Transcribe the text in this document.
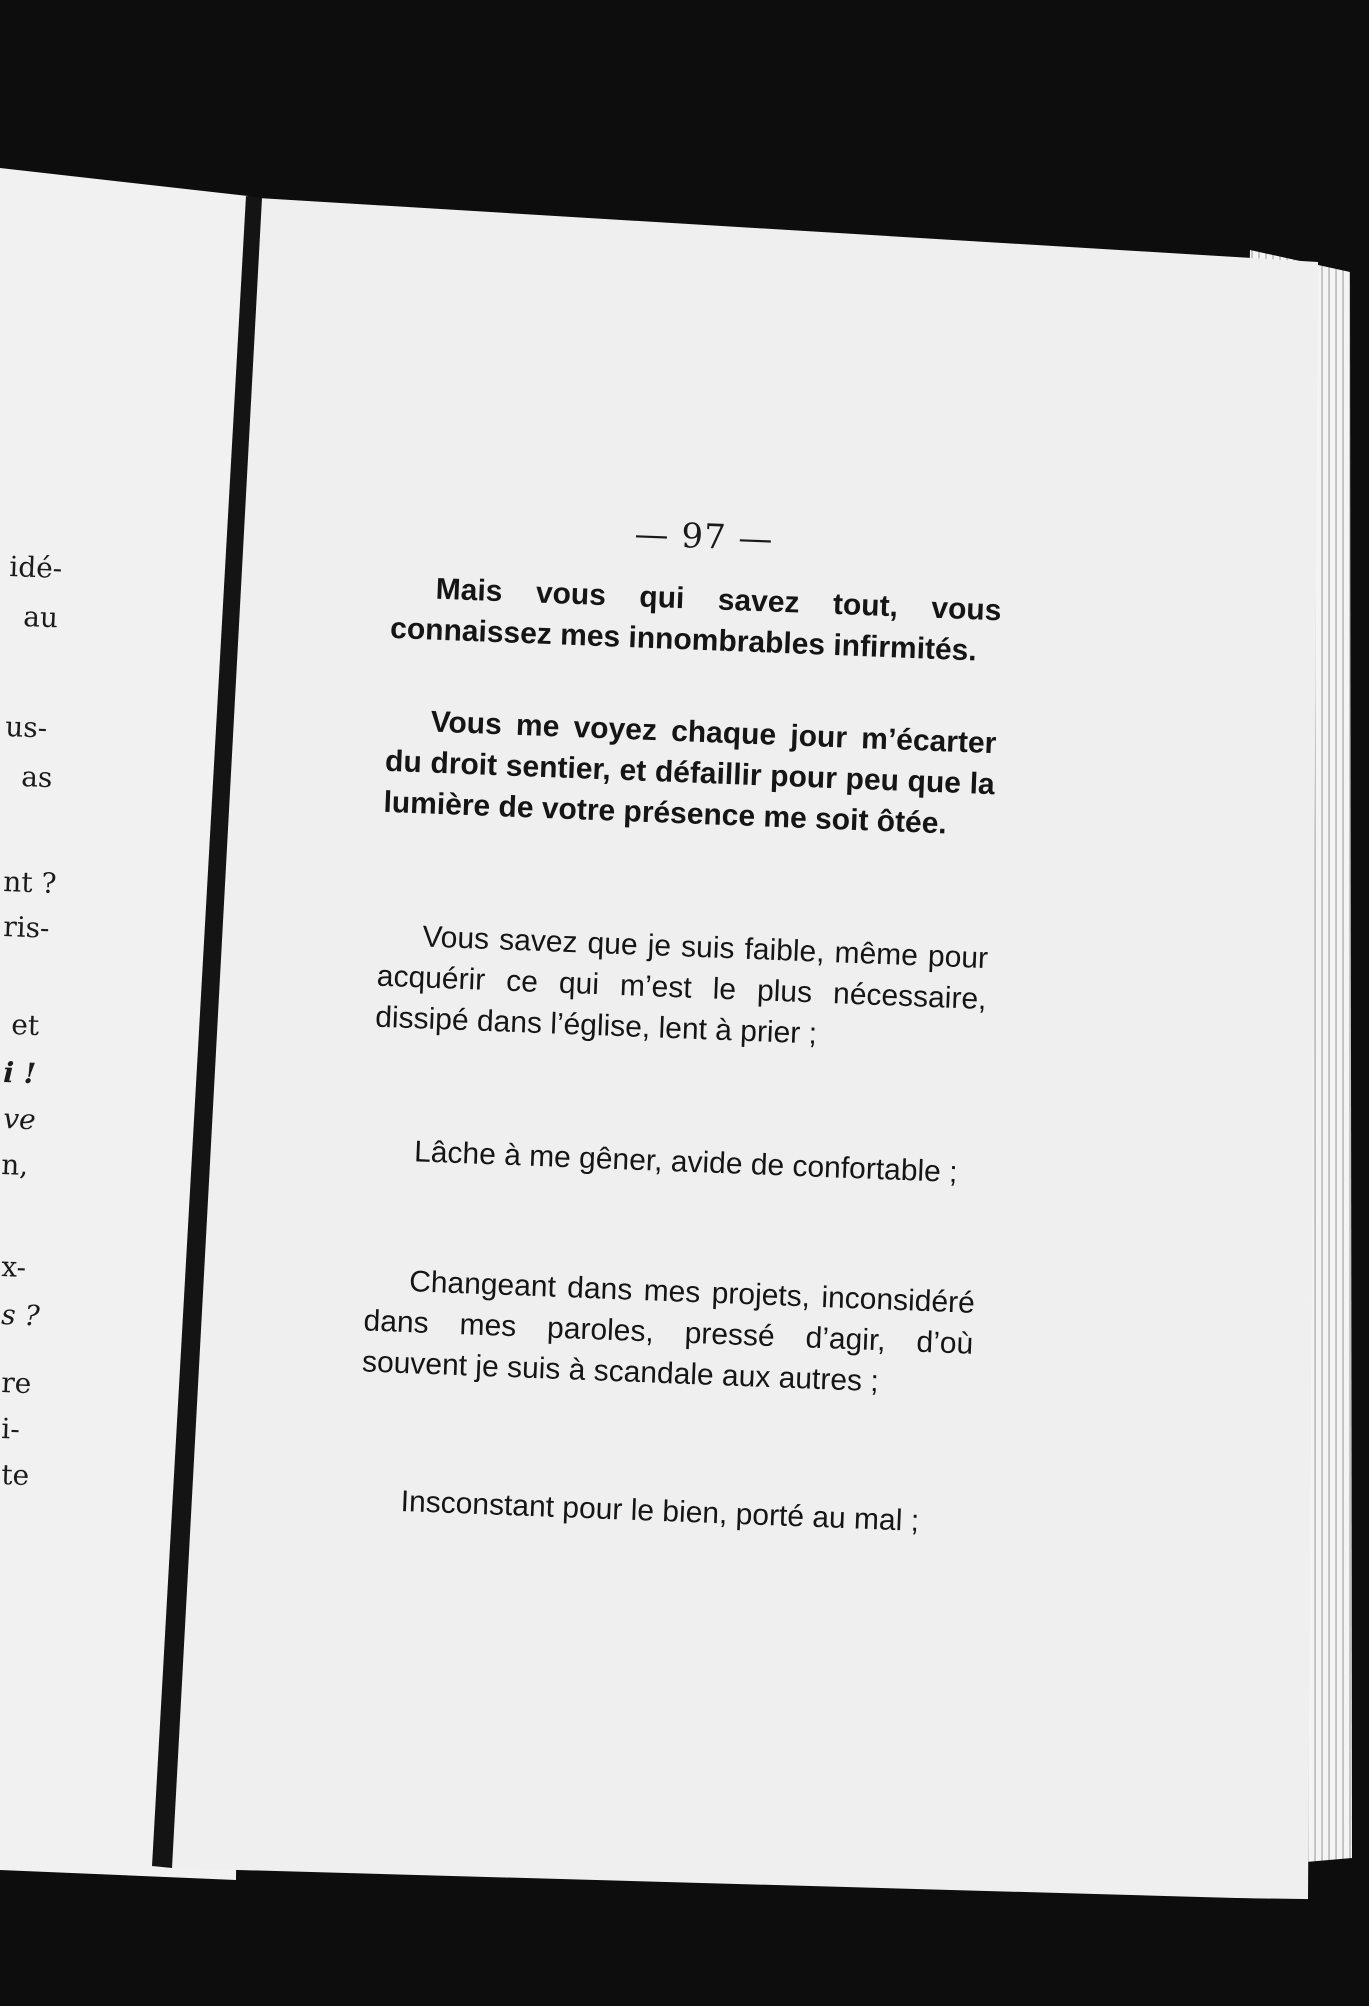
idé-

au

us-

as

nt ?

ris-

et

i !

ve

n,

x-

s ?

re

i-

te

— 97 —

Mais vous qui savez tout, vous connaissez mes innombrables infirmités.

Vous me voyez chaque jour m’écarter du droit sentier, et défaillir pour peu que la lumière de votre présence me soit ôtée.

Vous savez que je suis faible, même pour acquérir ce qui m’est le plus nécessaire, dissipé dans l’église, lent à prier ;

Lâche à me gêner, avide de confortable ;

Changeant dans mes projets, inconsidéré dans mes paroles, pressé d’agir, d’où souvent je suis à scandale aux autres ;

Insconstant pour le bien, porté au mal ;
